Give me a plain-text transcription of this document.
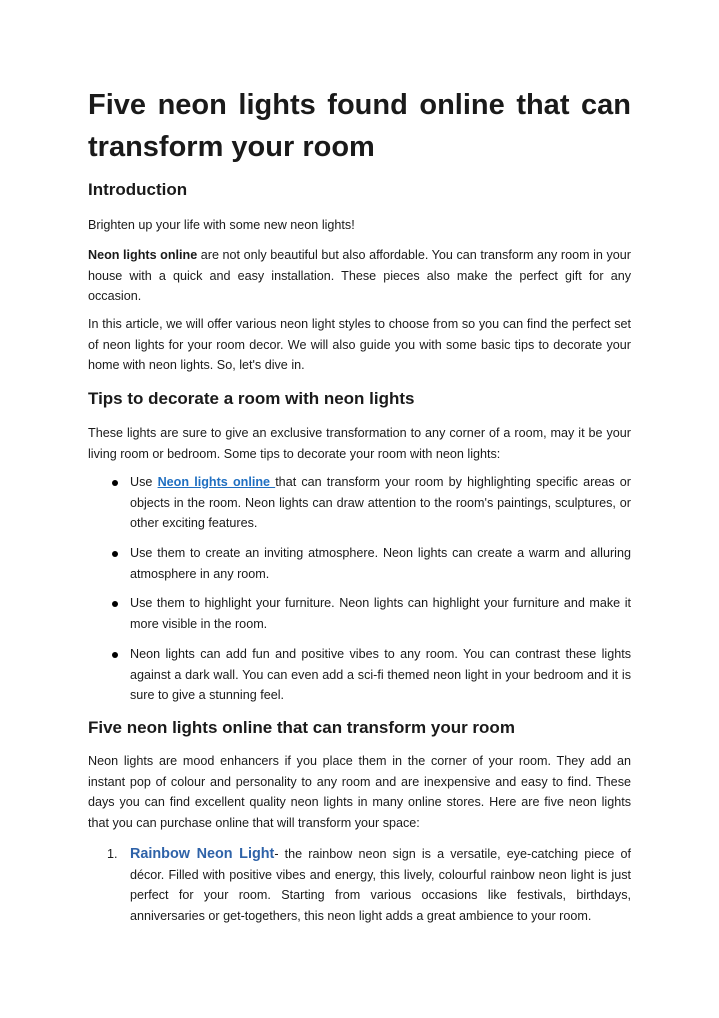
Five neon lights found online that can transform your room
Introduction
Brighten up your life with some new neon lights!
Neon lights online are not only beautiful but also affordable. You can transform any room in your house with a quick and easy installation. These pieces also make the perfect gift for any occasion.
In this article, we will offer various neon light styles to choose from so you can find the perfect set of neon lights for your room decor. We will also guide you with some basic tips to decorate your home with neon lights. So, let's dive in.
Tips to decorate a room with neon lights
These lights are sure to give an exclusive transformation to any corner of a room, may it be your living room or bedroom. Some tips to decorate your room with neon lights:
Use Neon lights online that can transform your room by highlighting specific areas or objects in the room. Neon lights can draw attention to the room's paintings, sculptures, or other exciting features.
Use them to create an inviting atmosphere. Neon lights can create a warm and alluring atmosphere in any room.
Use them to highlight your furniture. Neon lights can highlight your furniture and make it more visible in the room.
Neon lights can add fun and positive vibes to any room. You can contrast these lights against a dark wall. You can even add a sci-fi themed neon light in your bedroom and it is sure to give a stunning feel.
Five neon lights online that can transform your room
Neon lights are mood enhancers if you place them in the corner of your room. They add an instant pop of colour and personality to any room and are inexpensive and easy to find. These days you can find excellent quality neon lights in many online stores. Here are five neon lights that you can purchase online that will transform your space:
1. Rainbow Neon Light- the rainbow neon sign is a versatile, eye-catching piece of décor. Filled with positive vibes and energy, this lively, colourful rainbow neon light is just perfect for your room. Starting from various occasions like festivals, birthdays, anniversaries or get-togethers, this neon light adds a great ambience to your room.
